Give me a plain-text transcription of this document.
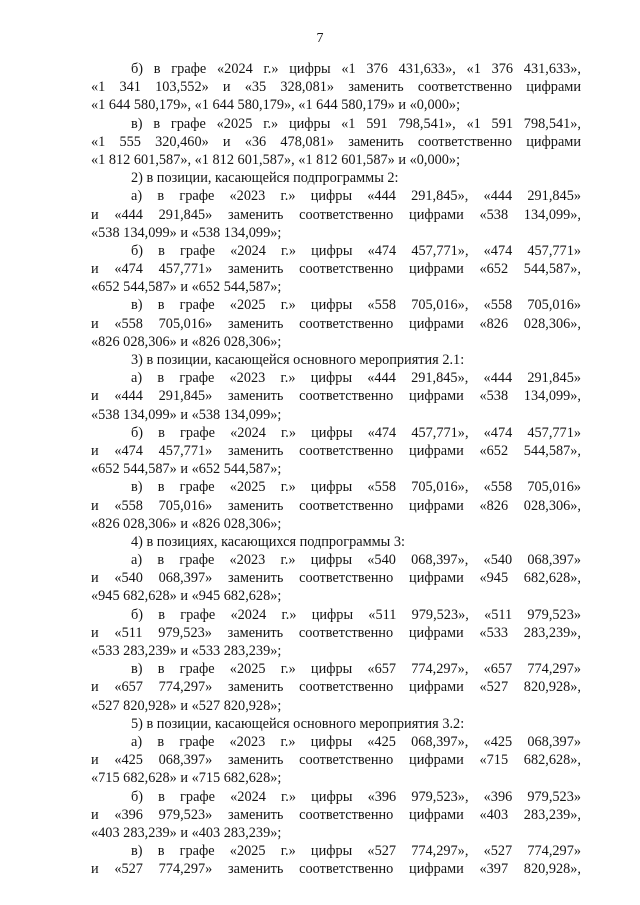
7
б) в графе «2024 г.» цифры «1 376 431,633», «1 376 431,633»,
«1 341 103,552» и «35 328,081» заменить соответственно цифрами
«1 644 580,179», «1 644 580,179», «1 644 580,179» и «0,000»;
в) в графе «2025 г.» цифры «1 591 798,541», «1 591 798,541»,
«1 555 320,460» и «36 478,081» заменить соответственно цифрами
«1 812 601,587», «1 812 601,587», «1 812 601,587» и «0,000»;
2) в позиции, касающейся подпрограммы 2:
а) в графе «2023 г.» цифры «444 291,845», «444 291,845»
и «444 291,845» заменить соответственно цифрами «538 134,099»,
«538 134,099» и «538 134,099»;
б) в графе «2024 г.» цифры «474 457,771», «474 457,771»
и «474 457,771» заменить соответственно цифрами «652 544,587»,
«652 544,587» и «652 544,587»;
в) в графе «2025 г.» цифры «558 705,016», «558 705,016»
и «558 705,016» заменить соответственно цифрами «826 028,306»,
«826 028,306» и «826 028,306»;
3) в позиции, касающейся основного мероприятия 2.1:
а) в графе «2023 г.» цифры «444 291,845», «444 291,845»
и «444 291,845» заменить соответственно цифрами «538 134,099»,
«538 134,099» и «538 134,099»;
б) в графе «2024 г.» цифры «474 457,771», «474 457,771»
и «474 457,771» заменить соответственно цифрами «652 544,587»,
«652 544,587» и «652 544,587»;
в) в графе «2025 г.» цифры «558 705,016», «558 705,016»
и «558 705,016» заменить соответственно цифрами «826 028,306»,
«826 028,306» и «826 028,306»;
4) в позициях, касающихся подпрограммы 3:
а) в графе «2023 г.» цифры «540 068,397», «540 068,397»
и «540 068,397» заменить соответственно цифрами «945 682,628»,
«945 682,628» и «945 682,628»;
б) в графе «2024 г.» цифры «511 979,523», «511 979,523»
и «511 979,523» заменить соответственно цифрами «533 283,239»,
«533 283,239» и «533 283,239»;
в) в графе «2025 г.» цифры «657 774,297», «657 774,297»
и «657 774,297» заменить соответственно цифрами «527 820,928»,
«527 820,928» и «527 820,928»;
5) в позиции, касающейся основного мероприятия 3.2:
а) в графе «2023 г.» цифры «425 068,397», «425 068,397»
и «425 068,397» заменить соответственно цифрами «715 682,628»,
«715 682,628» и «715 682,628»;
б) в графе «2024 г.» цифры «396 979,523», «396 979,523»
и «396 979,523» заменить соответственно цифрами «403 283,239»,
«403 283,239» и «403 283,239»;
в) в графе «2025 г.» цифры «527 774,297», «527 774,297»
и «527 774,297» заменить соответственно цифрами «397 820,928»,
